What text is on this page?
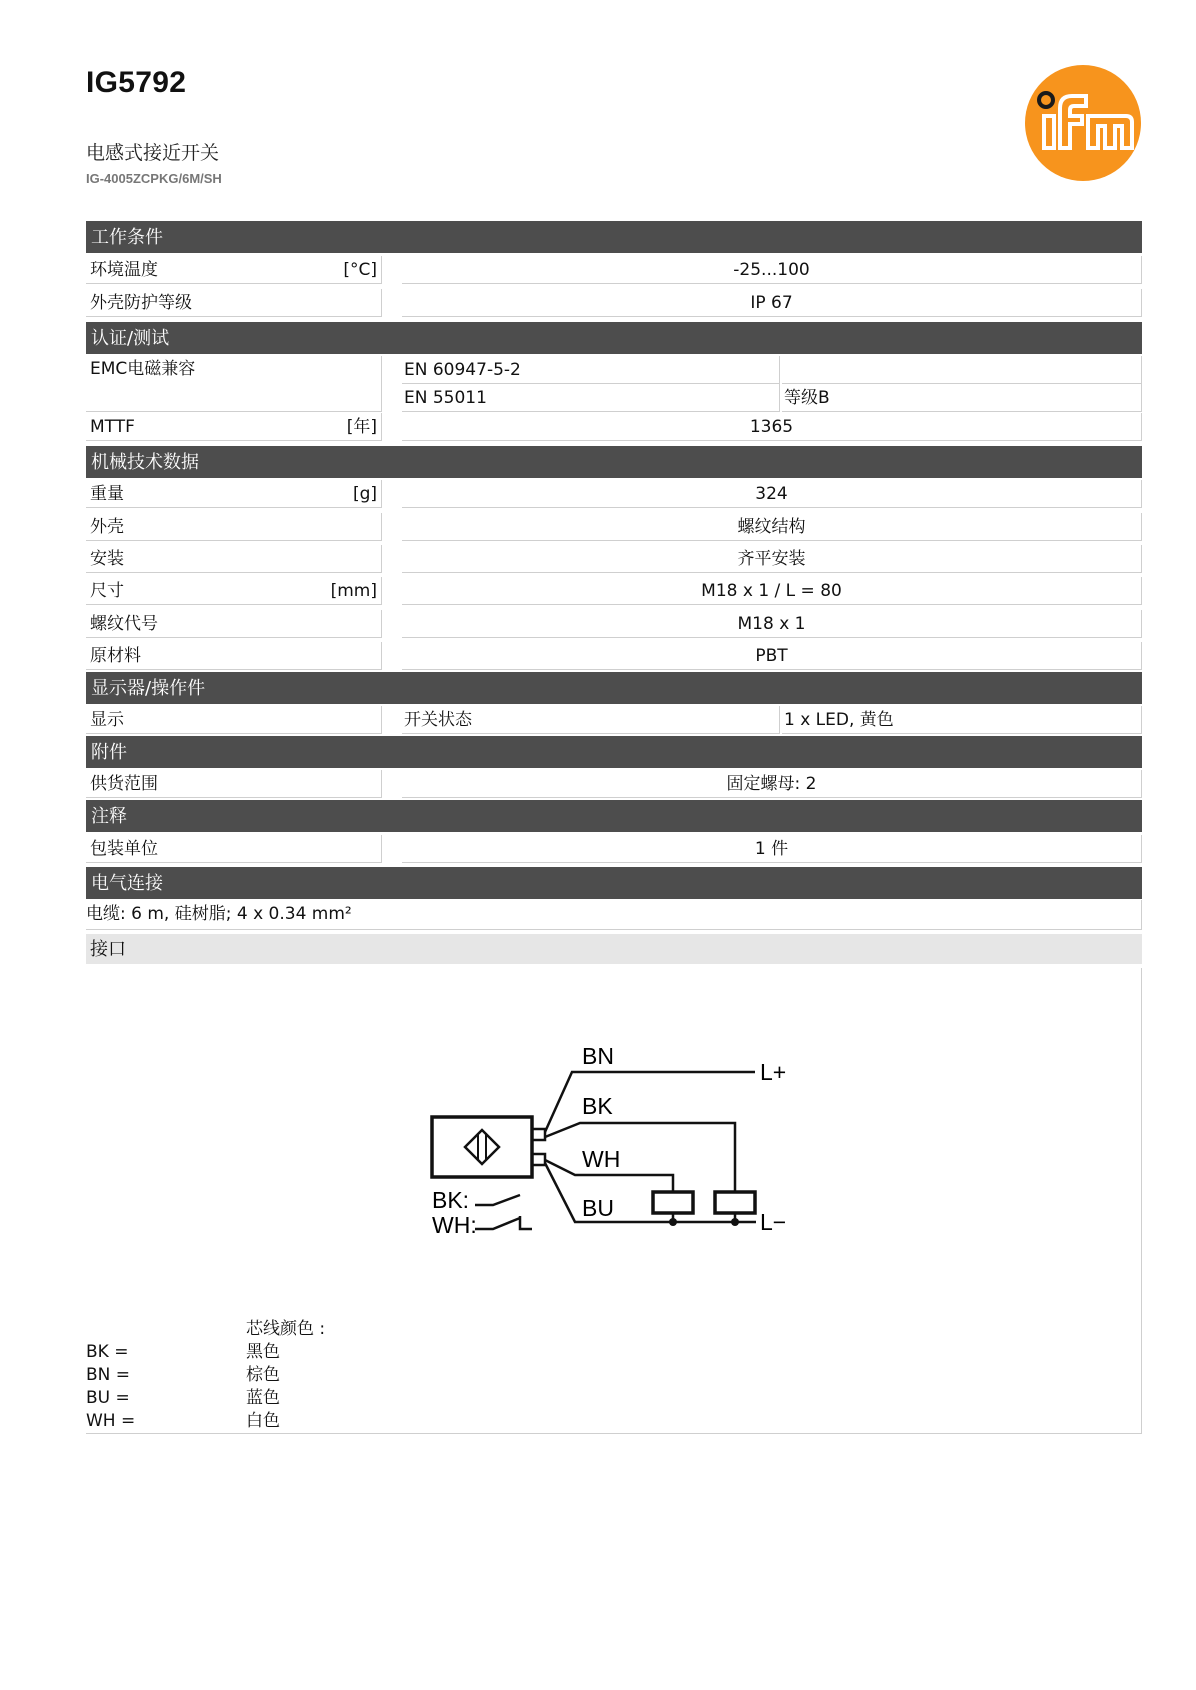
IG5792
电感式接近开关
IG-4005ZCPKG/6M/SH
工作条件
环境温度	[°C]	-25...100
外壳防护等级	IP 67
认证/测试
EMC电磁兼容	EN 60947-5-2
EN 55011	等级B
MTTF	[年]	1365
机械技术数据
重量	[g]	324
外壳	螺纹结构
安装	齐平安装
尺寸	[mm]	M18 x 1 / L = 80
螺纹代号	M18 x 1
原材料	PBT
显示器/操作件
显示	开关状态	1 x LED, 黄色
附件
供货范围	固定螺母: 2
注释
包装单位	1 件
电气连接
电缆: 6 m, 硅树脂; 4 x 0.34 mm²
接口
BN
BK
WH
BU
L+
L−
BK:
WH:
芯线颜色 :
BK =	黑色
BN =	棕色
BU =	蓝色
WH =	白色
